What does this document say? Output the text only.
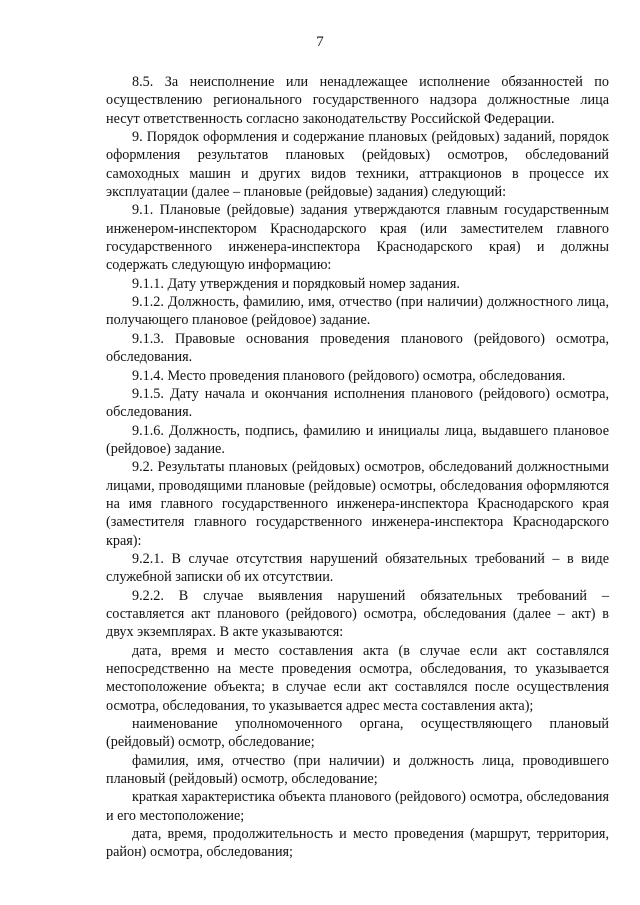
7

8.5. За неисполнение или ненадлежащее исполнение обязанностей по осуществлению регионального государственного надзора должностные лица несут ответственность согласно законодательству Российской Федерации.

9. Порядок оформления и содержание плановых (рейдовых) заданий, порядок оформления результатов плановых (рейдовых) осмотров, обследований самоходных машин и других видов техники, аттракционов в процессе их эксплуатации (далее – плановые (рейдовые) задания) следующий:

9.1. Плановые (рейдовые) задания утверждаются главным государственным инженером-инспектором Краснодарского края (или заместителем главного государственного инженера-инспектора Краснодарского края) и должны содержать следующую информацию:

9.1.1. Дату утверждения и порядковый номер задания.

9.1.2. Должность, фамилию, имя, отчество (при наличии) должностного лица, получающего плановое (рейдовое) задание.

9.1.3. Правовые основания проведения планового (рейдового) осмотра, обследования.

9.1.4. Место проведения планового (рейдового) осмотра, обследования.

9.1.5. Дату начала и окончания исполнения планового (рейдового) осмотра, обследования.

9.1.6. Должность, подпись, фамилию и инициалы лица, выдавшего плановое (рейдовое) задание.

9.2. Результаты плановых (рейдовых) осмотров, обследований должностными лицами, проводящими плановые (рейдовые) осмотры, обследования оформляются на имя главного государственного инженера-инспектора Краснодарского края (заместителя главного государственного инженера-инспектора Краснодарского края):

9.2.1. В случае отсутствия нарушений обязательных требований – в виде служебной записки об их отсутствии.

9.2.2. В случае выявления нарушений обязательных требований – составляется акт планового (рейдового) осмотра, обследования (далее – акт) в двух экземплярах. В акте указываются:

дата, время и место составления акта (в случае если акт составлялся непосредственно на месте проведения осмотра, обследования, то указывается местоположение объекта; в случае если акт составлялся после осуществления осмотра, обследования, то указывается адрес места составления акта);

наименование уполномоченного органа, осуществляющего плановый (рейдовый) осмотр, обследование;

фамилия, имя, отчество (при наличии) и должность лица, проводившего плановый (рейдовый) осмотр, обследование;

краткая характеристика объекта планового (рейдового) осмотра, обследования и его местоположение;

дата, время, продолжительность и место проведения (маршрут, территория, район) осмотра, обследования;
